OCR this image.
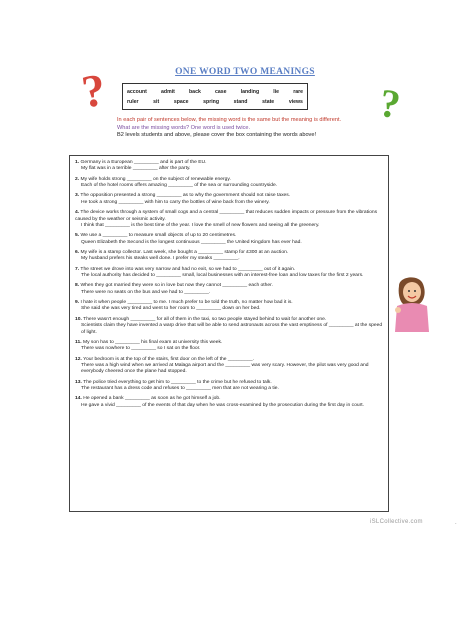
?	ONE WORD TWO MEANINGS
?
account	admit	back	case	landing	lie	rare
ruler	sit	space	spring	stand	state	views
In each pair of sentences below, the missing word is the same but the meaning is different.
What are the missing words? One word is used twice.
B2 levels students and above, please cover the box containing the words above!
1. Germany is a European _________ and is part of the EU.
My flat was in a terrible _________ after the party.
2. My wife holds strong _________ on the subject of renewable energy.
Each of the hotel rooms offers amazing _________ of the sea or surrounding countryside.
3. The opposition presented a strong _________ as to why the government should not raise taxes.
He took a strong _________ with him to carry the bottles of wine back from the winery.
4. The device works through a system of small cogs and a central _________ that reduces sudden impacts or pressure from the vibrations caused by the weather or seismic activity.
I think that _________ is the best time of the year. I love the smell of new flowers and seeing all the greenery.
5. We use a _________ to measure small objects of up to 20 centimetres.
Queen Elizabeth the Second is the longest continuous _________ the United Kingdom has ever had.
6. My wife is a stamp collector. Last week, she bought a _________ stamp for £300 at an auction.
My husband prefers his steaks well done. I prefer my steaks _________.
7. The street we drove into was very narrow and had no exit, so we had to _________ out of it again.
The local authority has decided to _________ small, local businesses with an interest-free loan and low taxes for the first 2 years.
8. When they got married they were so in love but now they cannot _________ each other.
There were no seats on the bus and we had to _________.
9. I hate it when people _________ to me. I much prefer to be told the truth, no matter how bad it is.
She said she was very tired and went to her room to _________ down on her bed.
10. There wasn't enough _________ for all of them in the taxi, so two people stayed behind to wait for another one.
Scientists claim they have invented a warp drive that will be able to send astronauts across the vast emptiness of _________ at the speed of light.
11. My son has to _________ his final exam at university this week.
There was nowhere to _________ so I sat on the floor.
12. Your bedroom is at the top of the stairs, first door on the left of the _________.
There was a high wind when we arrived at Malaga airport and the _________ was very scary. However, the pilot was very good and everybody cheered once the plane had stopped.
13. The police tried everything to get him to _________ to the crime but he refused to talk.
The restaurant has a dress code and refuses to _________ men that are not wearing a tie.
14. He opened a bank _________ as soon as he got himself a job.
He gave a vivid _________ of the events of that day when he was cross-examined by the prosecution during the first day in court.
iSLCollective.com	.
